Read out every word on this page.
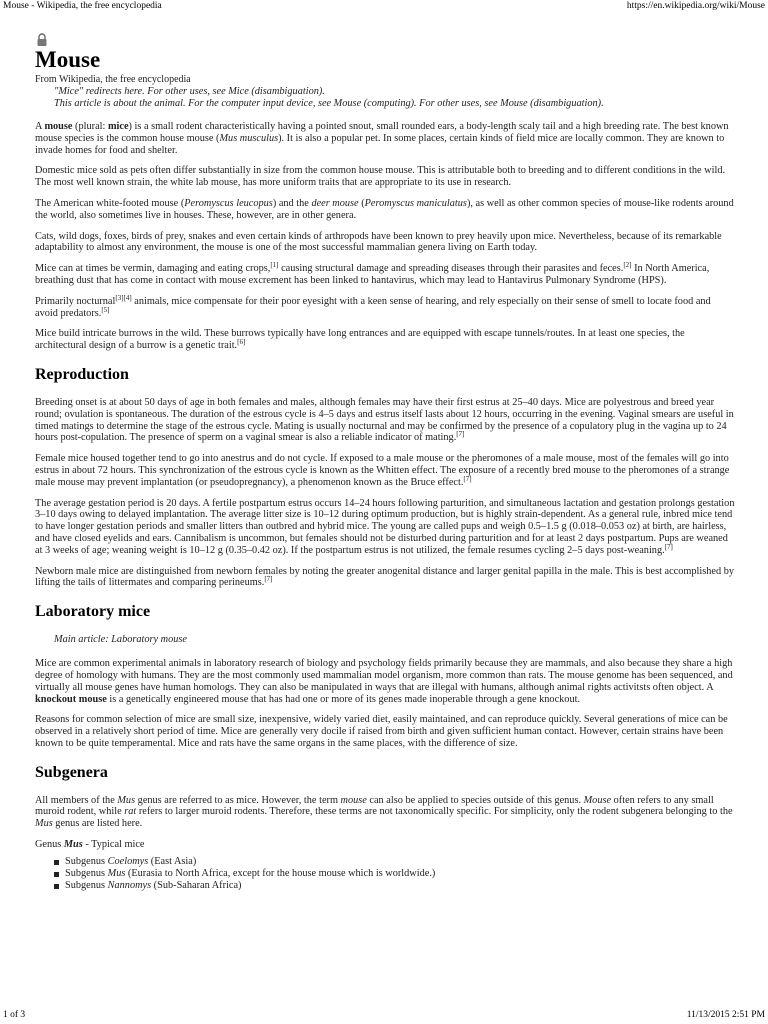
Mouse - Wikipedia, the free encyclopedia	https://en.wikipedia.org/wiki/Mouse
Mouse
From Wikipedia, the free encyclopedia
"Mice" redirects here. For other uses, see Mice (disambiguation).
This article is about the animal. For the computer input device, see Mouse (computing). For other uses, see Mouse (disambiguation).

A mouse (plural: mice) is a small rodent characteristically having a pointed snout, small rounded ears, a body-length scaly tail and a high breeding rate. The best known mouse species is the common house mouse (Mus musculus). It is also a popular pet. In some places, certain kinds of field mice are locally common. They are known to invade homes for food and shelter.

Domestic mice sold as pets often differ substantially in size from the common house mouse. This is attributable both to breeding and to different conditions in the wild. The most well known strain, the white lab mouse, has more uniform traits that are appropriate to its use in research.

The American white-footed mouse (Peromyscus leucopus) and the deer mouse (Peromyscus maniculatus), as well as other common species of mouse-like rodents around the world, also sometimes live in houses. These, however, are in other genera.

Cats, wild dogs, foxes, birds of prey, snakes and even certain kinds of arthropods have been known to prey heavily upon mice. Nevertheless, because of its remarkable adaptability to almost any environment, the mouse is one of the most successful mammalian genera living on Earth today.

Mice can at times be vermin, damaging and eating crops,[1] causing structural damage and spreading diseases through their parasites and feces.[2] In North America, breathing dust that has come in contact with mouse excrement has been linked to hantavirus, which may lead to Hantavirus Pulmonary Syndrome (HPS).

Primarily nocturnal[3][4] animals, mice compensate for their poor eyesight with a keen sense of hearing, and rely especially on their sense of smell to locate food and avoid predators.[5]

Mice build intricate burrows in the wild. These burrows typically have long entrances and are equipped with escape tunnels/routes. In at least one species, the architectural design of a burrow is a genetic trait.[6]

Reproduction

Breeding onset is at about 50 days of age in both females and males, although females may have their first estrus at 25–40 days. Mice are polyestrous and breed year round; ovulation is spontaneous. The duration of the estrous cycle is 4–5 days and estrus itself lasts about 12 hours, occurring in the evening. Vaginal smears are useful in timed matings to determine the stage of the estrous cycle. Mating is usually nocturnal and may be confirmed by the presence of a copulatory plug in the vagina up to 24 hours post-copulation. The presence of sperm on a vaginal smear is also a reliable indicator of mating.[7]

Female mice housed together tend to go into anestrus and do not cycle. If exposed to a male mouse or the pheromones of a male mouse, most of the females will go into estrus in about 72 hours. This synchronization of the estrous cycle is known as the Whitten effect. The exposure of a recently bred mouse to the pheromones of a strange male mouse may prevent implantation (or pseudopregnancy), a phenomenon known as the Bruce effect.[7]

The average gestation period is 20 days. A fertile postpartum estrus occurs 14–24 hours following parturition, and simultaneous lactation and gestation prolongs gestation 3–10 days owing to delayed implantation. The average litter size is 10–12 during optimum production, but is highly strain-dependent. As a general rule, inbred mice tend to have longer gestation periods and smaller litters than outbred and hybrid mice. The young are called pups and weigh 0.5–1.5 g (0.018–0.053 oz) at birth, are hairless, and have closed eyelids and ears. Cannibalism is uncommon, but females should not be disturbed during parturition and for at least 2 days postpartum. Pups are weaned at 3 weeks of age; weaning weight is 10–12 g (0.35–0.42 oz). If the postpartum estrus is not utilized, the female resumes cycling 2–5 days post-weaning.[7]

Newborn male mice are distinguished from newborn females by noting the greater anogenital distance and larger genital papilla in the male. This is best accomplished by lifting the tails of littermates and comparing perineums.[7]

Laboratory mice
Main article: Laboratory mouse

Mice are common experimental animals in laboratory research of biology and psychology fields primarily because they are mammals, and also because they share a high degree of homology with humans. They are the most commonly used mammalian model organism, more common than rats. The mouse genome has been sequenced, and virtually all mouse genes have human homologs. They can also be manipulated in ways that are illegal with humans, although animal rights activitsts often object. A knockout mouse is a genetically engineered mouse that has had one or more of its genes made inoperable through a gene knockout.

Reasons for common selection of mice are small size, inexpensive, widely varied diet, easily maintained, and can reproduce quickly. Several generations of mice can be observed in a relatively short period of time. Mice are generally very docile if raised from birth and given sufficient human contact. However, certain strains have been known to be quite temperamental. Mice and rats have the same organs in the same places, with the difference of size.

Subgenera

All members of the Mus genus are referred to as mice. However, the term mouse can also be applied to species outside of this genus. Mouse often refers to any small muroid rodent, while rat refers to larger muroid rodents. Therefore, these terms are not taxonomically specific. For simplicity, only the rodent subgenera belonging to the Mus genus are listed here.

Genus Mus - Typical mice

Subgenus Coelomys (East Asia)
Subgenus Mus (Eurasia to North Africa, except for the house mouse which is worldwide.)
Subgenus Nannomys (Sub-Saharan Africa)
1 of 3	11/13/2015 2:51 PM
